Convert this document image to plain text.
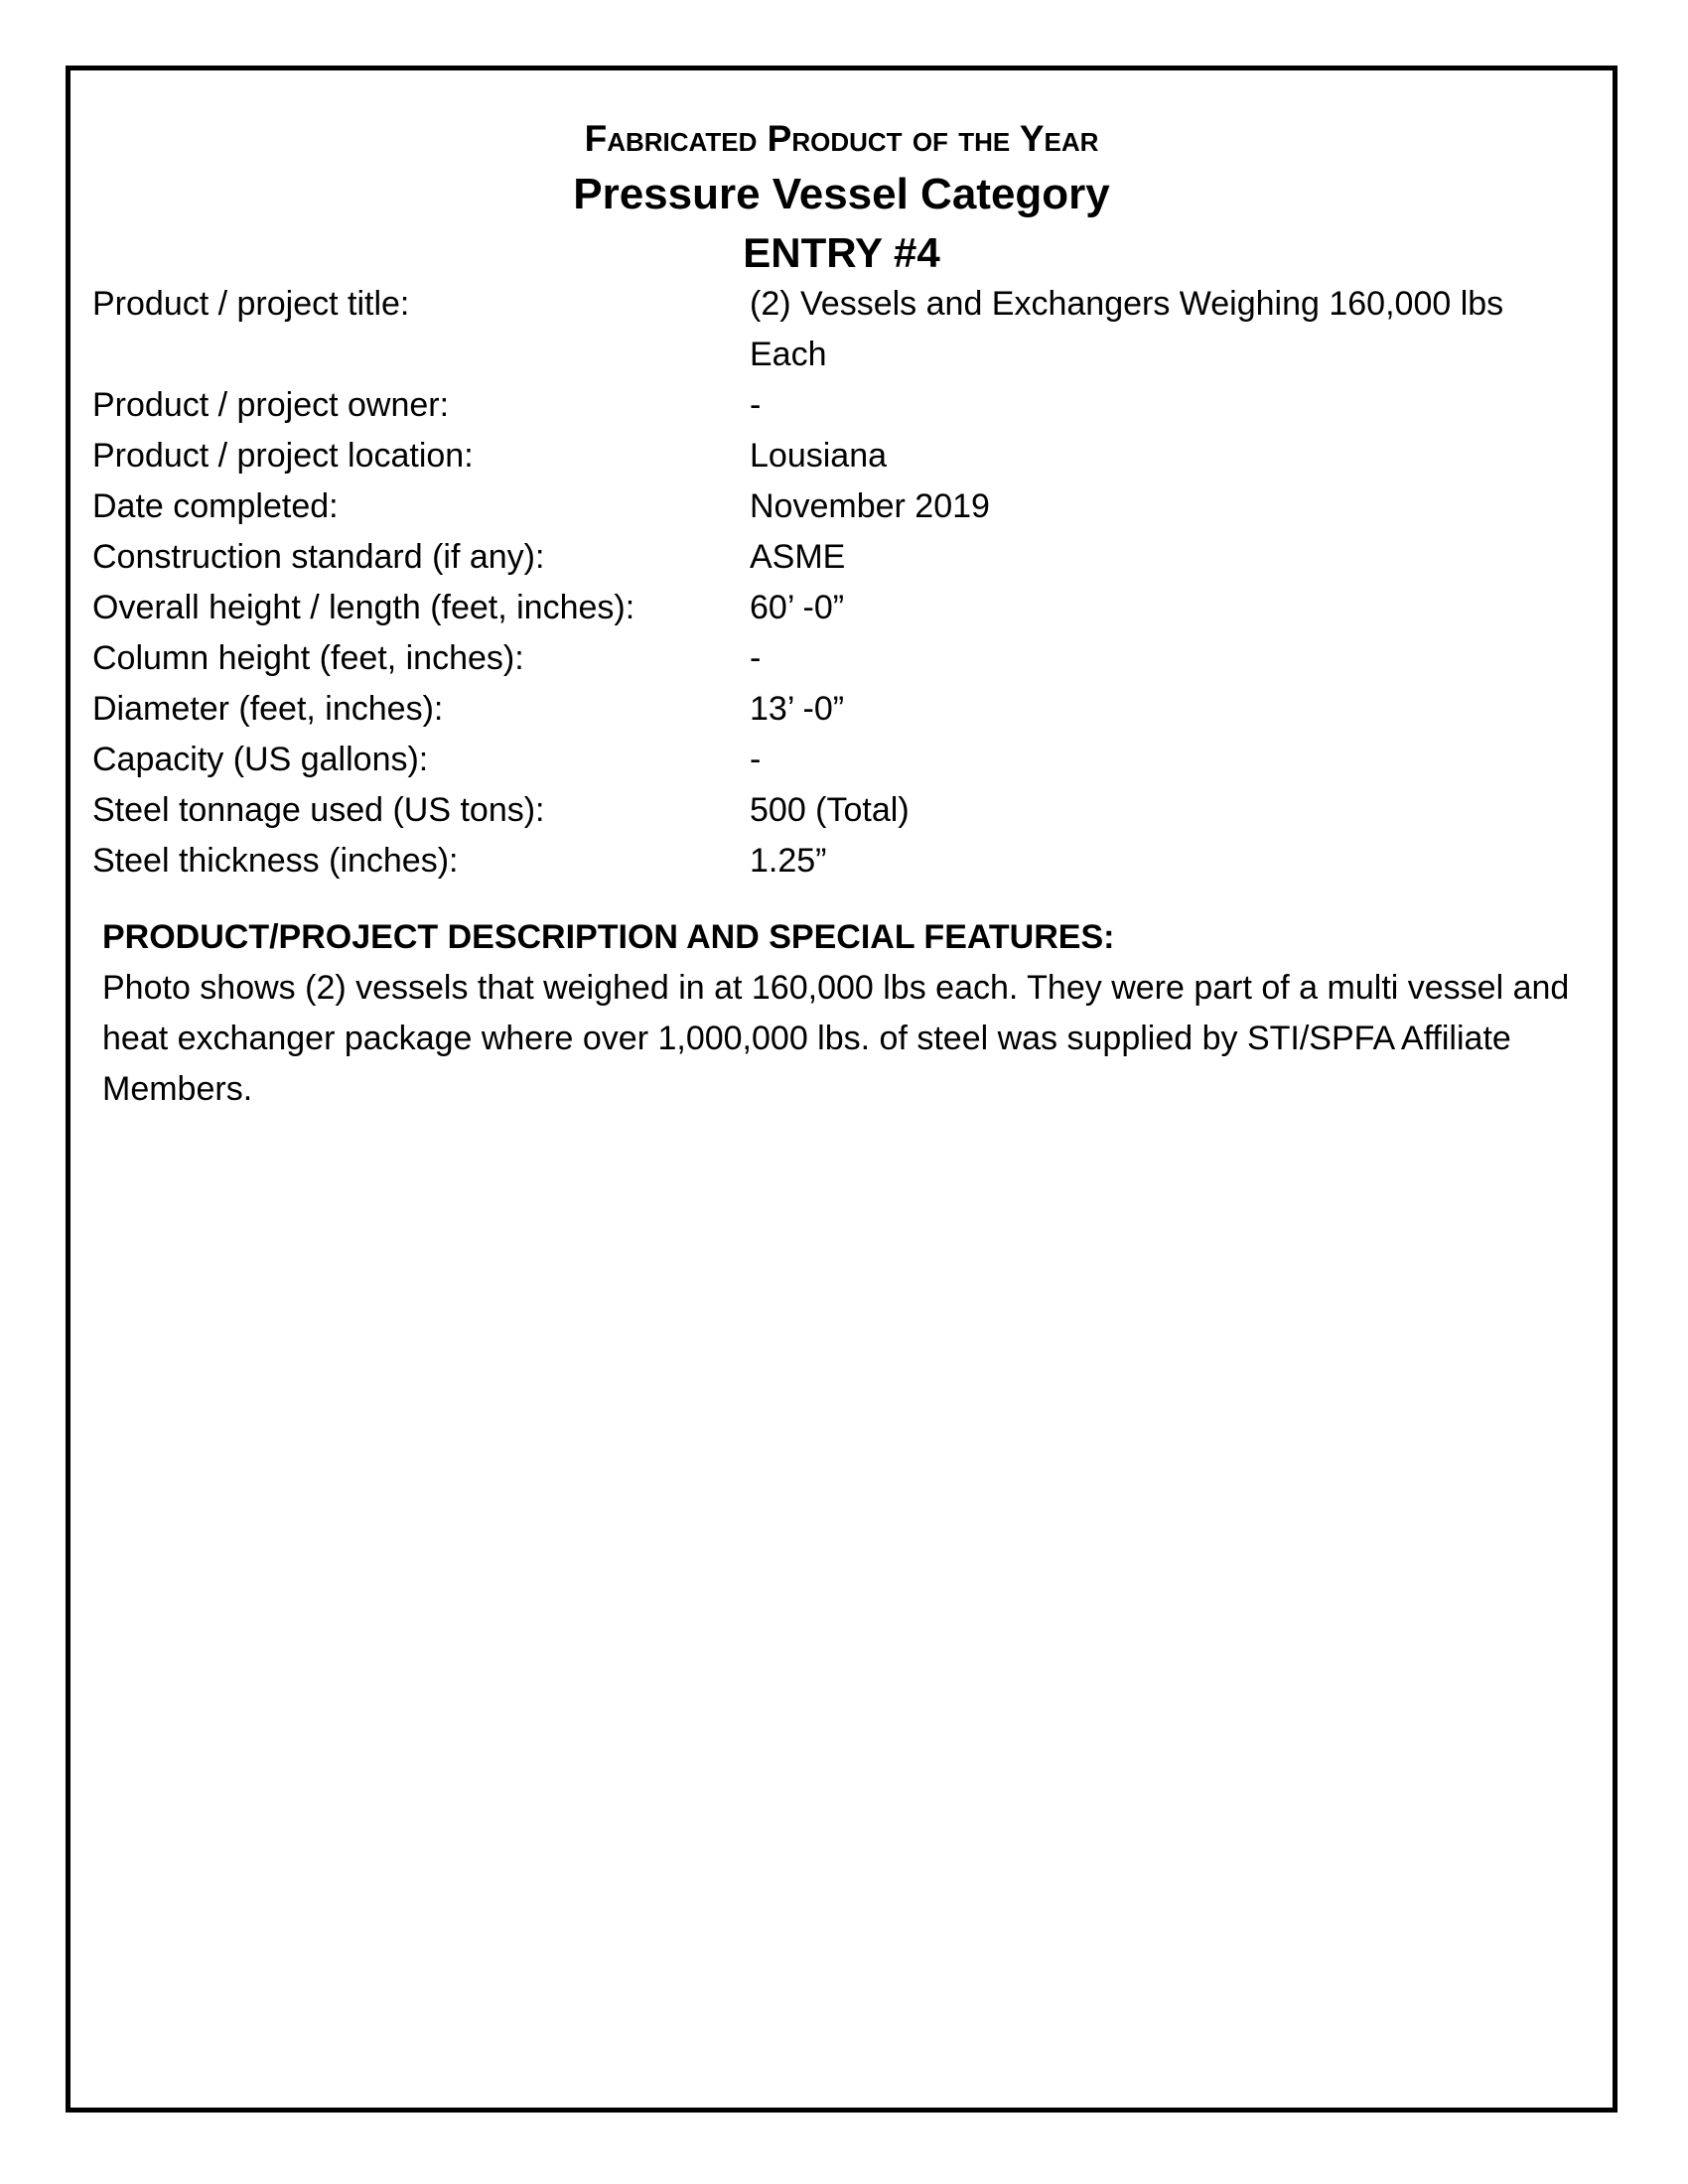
Fabricated Product of the Year
Pressure Vessel Category
ENTRY #4
Product / project title:	(2) Vessels and Exchangers Weighing 160,000 lbs Each
Product / project owner:	-
Product / project location:	Lousiana
Date completed:	November 2019
Construction standard (if any):	ASME
Overall height / length (feet, inches):	60’ -0”
Column height (feet, inches):	-
Diameter (feet, inches):	13’ -0”
Capacity (US gallons):	-
Steel tonnage used (US tons):	500 (Total)
Steel thickness (inches):	1.25”
PRODUCT/PROJECT DESCRIPTION AND SPECIAL FEATURES:
Photo shows (2) vessels that weighed in at 160,000 lbs each. They were part of a multi vessel and heat exchanger package where over 1,000,000 lbs. of steel was supplied by STI/SPFA Affiliate Members.
